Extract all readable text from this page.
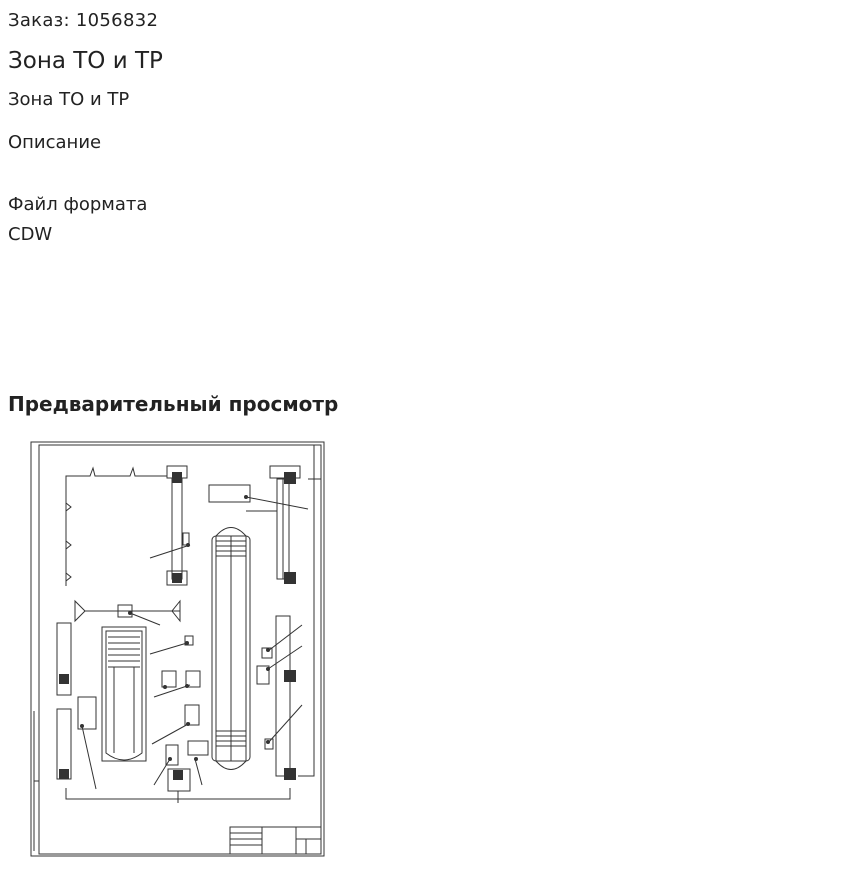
Заказ: 1056832
Зона ТО и ТР
Зона ТО и ТР
Описание
Файл формата
CDW
Предварительный просмотр
